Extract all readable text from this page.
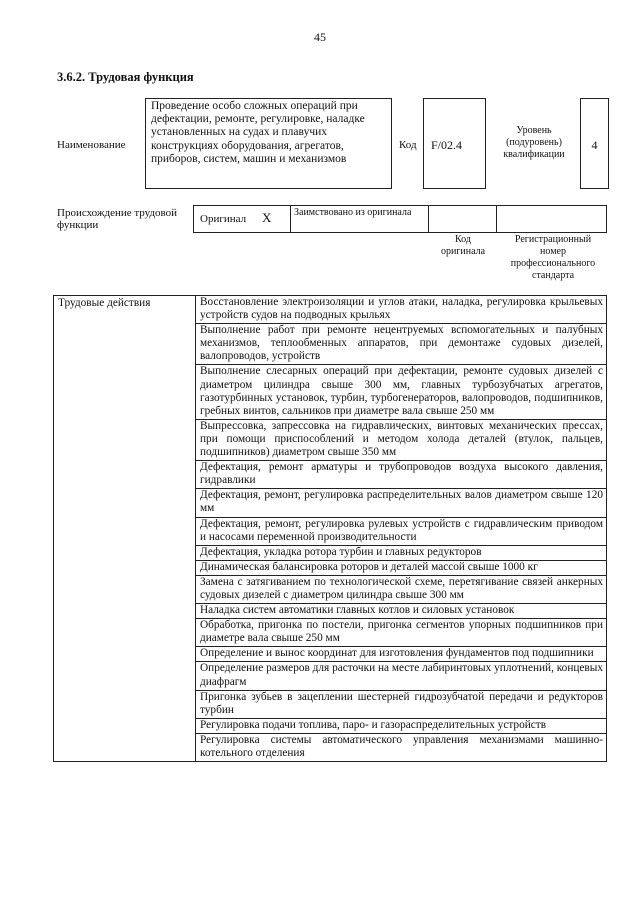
45
3.6.2. Трудовая функция
Наименование
Проведение особо сложных операций при дефектации, ремонте, регулировке, наладке установленных на судах и плавучих конструкциях оборудования, агрегатов, приборов, систем, машин и механизмов
Код	F/02.4
Уровень (подуровень) квалификации
4
Происхождение трудовой функции	Оригинал X Заимствовано из оригинала
Код оригинала
Регистрационный номер профессионального стандарта
Трудовые действия	Восстановление электроизоляции и углов атаки, наладка, регулировка крыльевых устройств судов на подводных крыльях
Выполнение работ при ремонте нецентруемых вспомогательных и палубных механизмов, теплообменных аппаратов, при демонтаже судовых дизелей, валопроводов, устройств
Выполнение слесарных операций при дефектации, ремонте судовых дизелей с диаметром цилиндра свыше 300 мм, главных турбозубчатых агрегатов, газотурбинных установок, турбин, турбогенераторов, валопроводов, подшипников, гребных винтов, сальников при диаметре вала свыше 250 мм
Выпрессовка, запрессовка на гидравлических, винтовых механических прессах, при помощи приспособлений и методом холода деталей (втулок, пальцев, подшипников) диаметром свыше 350 мм
Дефектация, ремонт арматуры и трубопроводов воздуха высокого давления, гидравлики
Дефектация, ремонт, регулировка распределительных валов диаметром свыше 120 мм
Дефектация, ремонт, регулировка рулевых устройств с гидравлическим приводом и насосами переменной производительности
Дефектация, укладка ротора турбин и главных редукторов
Динамическая балансировка роторов и деталей массой свыше 1000 кг
Замена с затягиванием по технологической схеме, перетягивание связей анкерных судовых дизелей с диаметром цилиндра свыше 300 мм
Наладка систем автоматики главных котлов и силовых установок
Обработка, пригонка по постели, пригонка сегментов упорных подшипников при диаметре вала свыше 250 мм
Определение и вынос координат для изготовления фундаментов под подшипники
Определение размеров для расточки на месте лабиринтовых уплотнений, концевых диафрагм
Пригонка зубьев в зацеплении шестерней гидрозубчатой передачи и редукторов турбин
Регулировка подачи топлива, паро- и газораспределительных устройств
Регулировка системы автоматического управления механизмами машинно-котельного отделения
